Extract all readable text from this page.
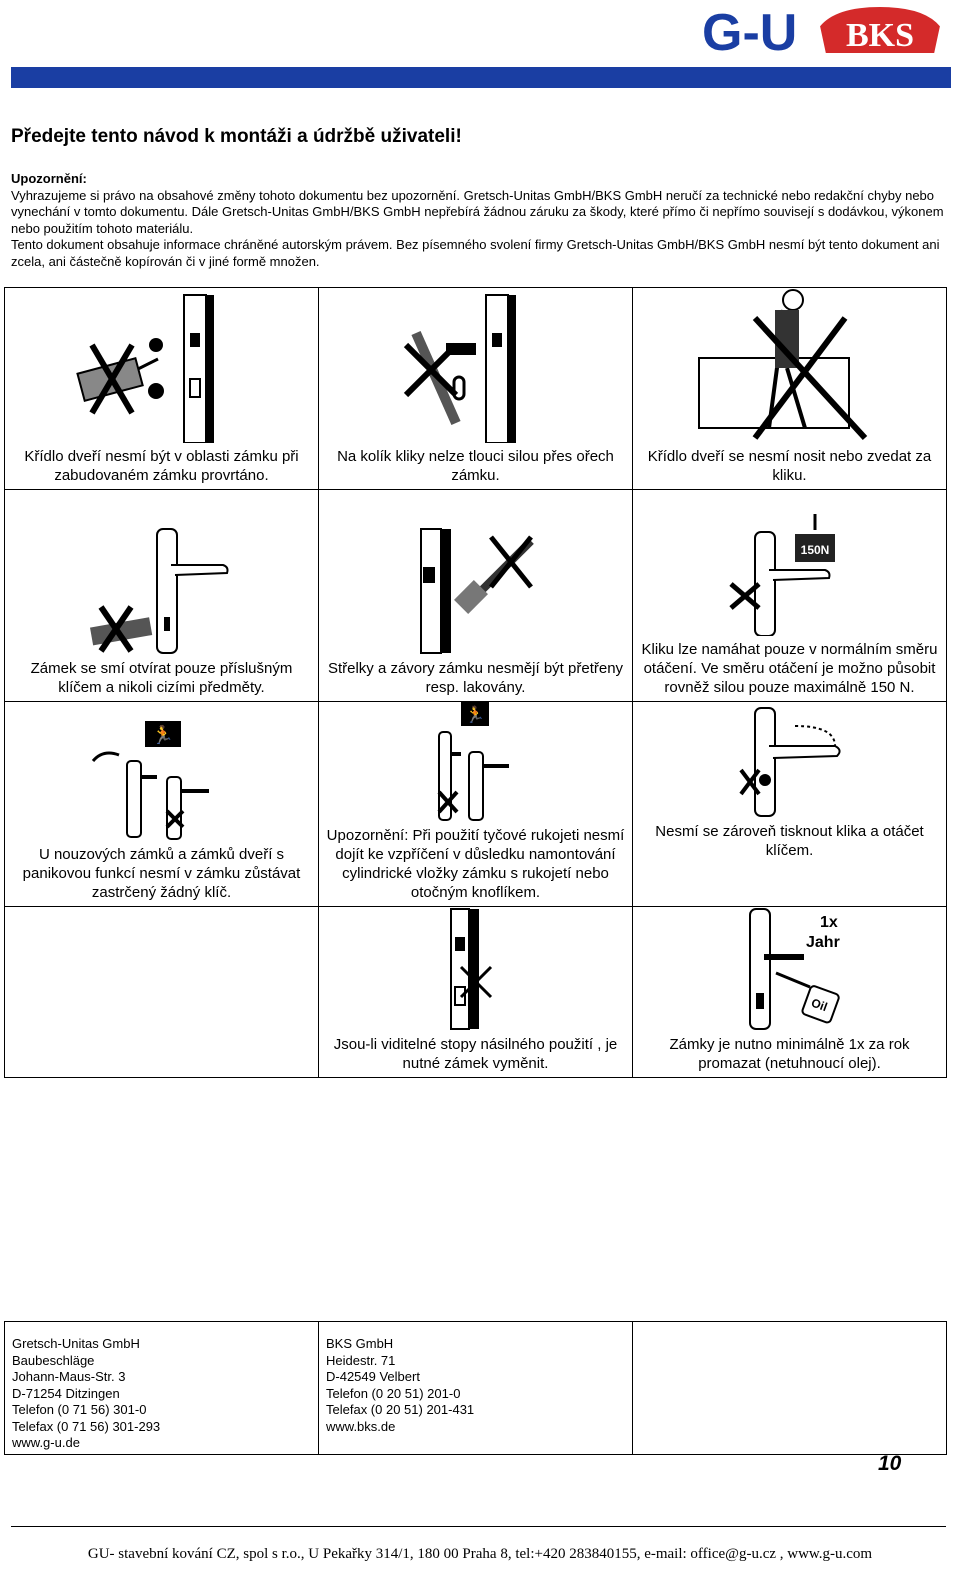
G-U BKS
Předejte tento návod k montáži a údržbě uživateli!
Upozornění:

Vyhrazujeme si právo na obsahové změny tohoto dokumentu bez upozornění. Gretsch-Unitas GmbH/BKS GmbH neručí za technické nebo redakční chyby nebo vynechání v tomto dokumentu. Dále Gretsch-Unitas GmbH/BKS GmbH nepřebírá žádnou záruku za škody, které přímo či nepřímo souvisejí s dodávkou, výkonem nebo použitím tohoto materiálu.

Tento dokument obsahuje informace chráněné autorským právem. Bez písemného svolení firmy Gretsch-Unitas GmbH/BKS GmbH nesmí být tento dokument ani zcela, ani částečně kopírován či v jiné formě množen.

Křídlo dveří nesmí být v oblasti zámku při zabudovaném zámku provrtáno.	Na kolík kliky nelze tlouci silou přes ořech zámku.	Křídlo dveří se nesmí nosit nebo zvedat za kliku.

Zámek se smí otvírat pouze příslušným klíčem a nikoli cizími předměty.	Střelky a závory zámku nesmějí být přetřeny resp. lakovány.	150N
Kliku lze namáhat pouze v normálním směru otáčení. Ve směru otáčení je možno působit rovněž silou pouze maximálně 150 N.

🏃
U nouzových zámků a zámků dveří s panikovou funkcí nesmí v zámku zůstávat zastrčený žádný klíč.	🏃
Upozornění: Při použití tyčové rukojeti nesmí dojít ke vzpříčení v důsledku namontování cylindrické vložky zámku s rukojetí nebo otočným knoflíkem.	Nesmí se zároveň tisknout klika a otáčet klíčem.

	Jsou-li viditelné stopy násilného použití , je nutné zámek vyměnit.	1x
Jahr
Oil
Zámky je nutno minimálně 1x za rok promazat (netuhnoucí olej).
Gretsch-Unitas GmbH
Baubeschläge
Johann-Maus-Str. 3
D-71254 Ditzingen
Telefon (0 71 56) 301-0
Telefax (0 71 56) 301-293
www.g-u.de

BKS GmbH
Heidestr. 71
D-42549 Velbert
Telefon (0 20 51) 201-0
Telefax (0 20 51) 201-431
www.bks.de

10
GU- stavební kování CZ, spol s r.o., U Pekařky 314/1, 180 00 Praha 8, tel:+420 283840155, e-mail: office@g-u.cz , www.g-u.com
